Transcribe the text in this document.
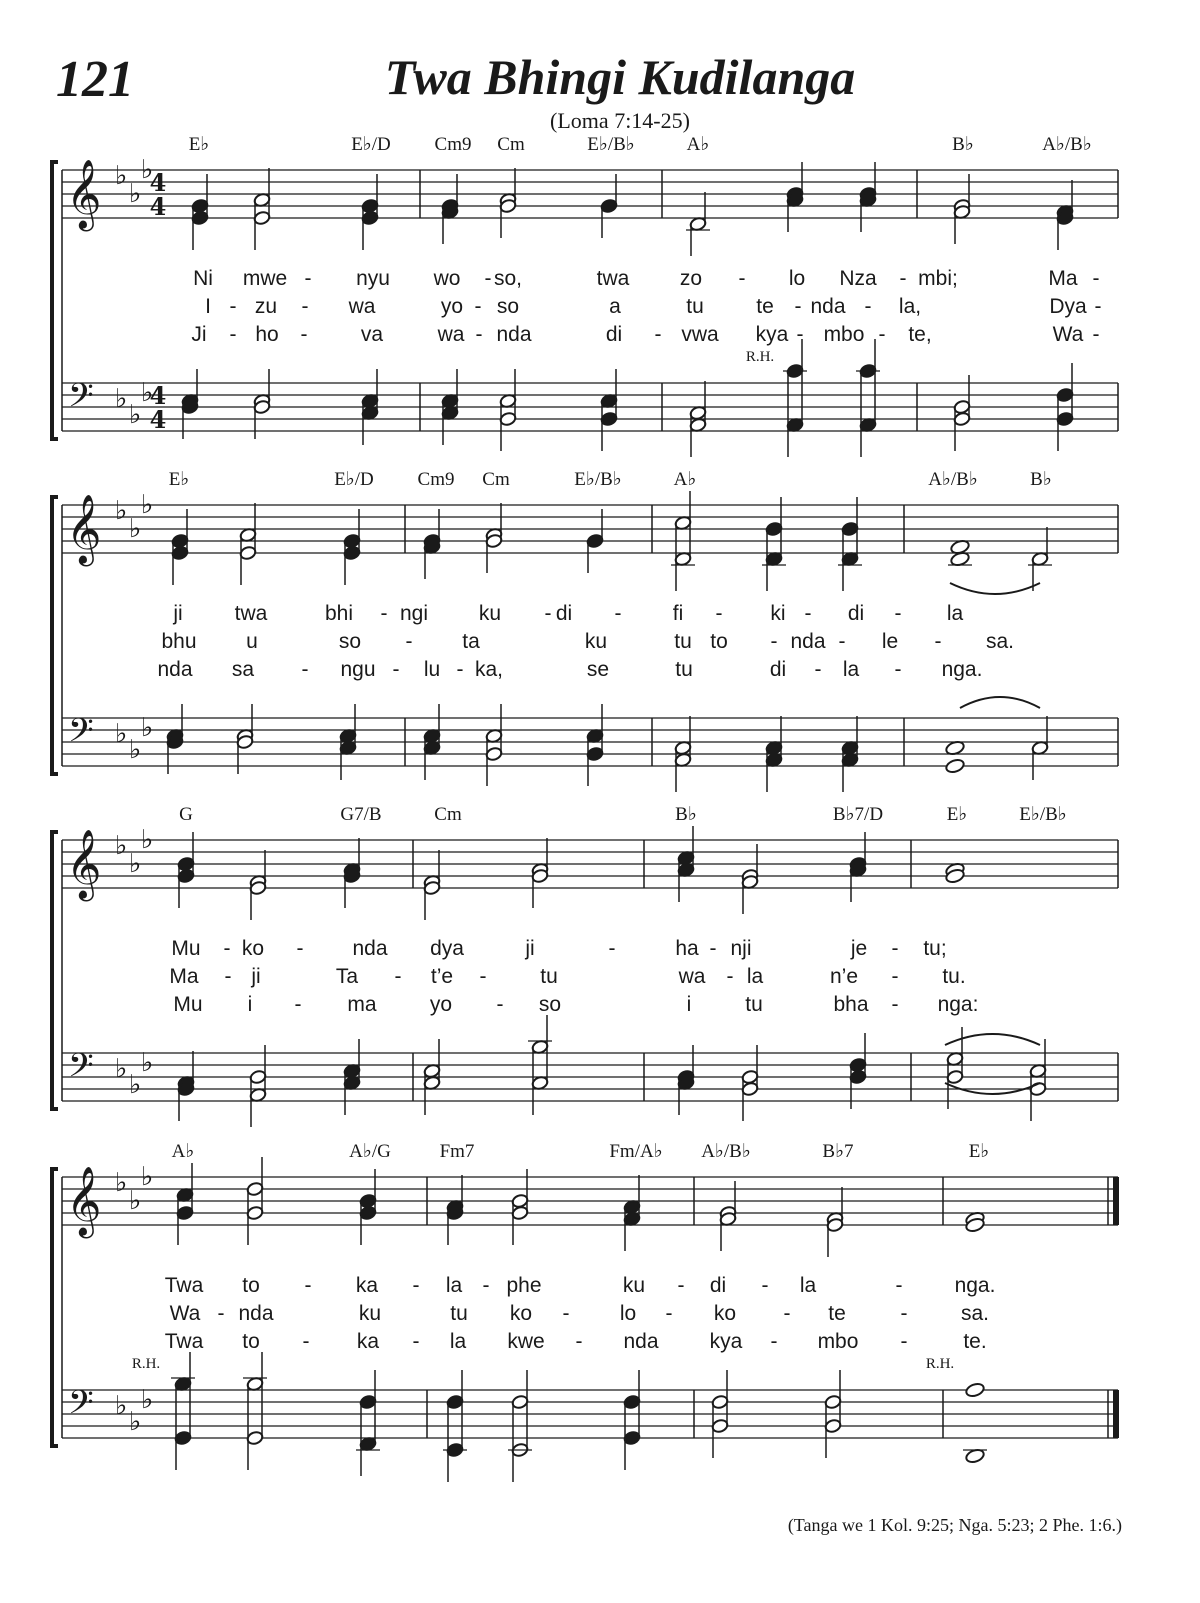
121	Twa Bhingi Kudilanga
(Loma 7:14-25)
𝄞
𝄢
♭
♭
♭
♭
♭
♭
4
4
4
4
E♭	E♭/D Cm9 Cm	E♭/B♭	A♭	B♭	A♭/B♭
Ni mwe - nyu wo - so,	twa zo - lo Nza - mbi;	Ma -
I - zu - wa	yo - so	a	tu te - nda - la,	Dya -
Ji - ho -	va	wa - nda	di - vwa kya - mbo - te,	Wa -
𝄞
𝄢
♭
♭
♭
♭
♭
♭
E♭	E♭/D Cm9 Cm	E♭/B♭	A♭	A♭/B♭	B♭
ji twa	bhi - ngi ku - di - fi - ki - di - la
bhu u	so - ta	ku	tu to - nda - le - sa.
nda sa - ngu - lu - ka,	se	tu	di - la - nga.
𝄞
𝄢
♭
♭
♭
♭
♭
♭
G	G7/B	Cm	B♭	B♭7/D	E♭	E♭/B♭
Mu - ko - nda dya	ji	-	ha - nji	je - tu;
Ma - ji	Ta - t’e -	tu	wa - la	n’e - tu.
Mu i - ma	yo - so	i	tu	bha - nga:
𝄞
𝄢
♭
♭
♭
♭
♭
♭
A♭	A♭/G	Fm7	Fm/A♭ A♭/B♭	B♭7	E♭
Twa to - ka - la - phe	ku - di - la	- nga.
Wa - nda	ku	tu ko - lo - ko - te	-	sa.
Twa to - ka - la kwe - nda kya - mbo -	te.
R.H.
R.H.	R.H.
(Tanga we 1 Kol. 9:25; Nga. 5:23; 2 Phe. 1:6.)
